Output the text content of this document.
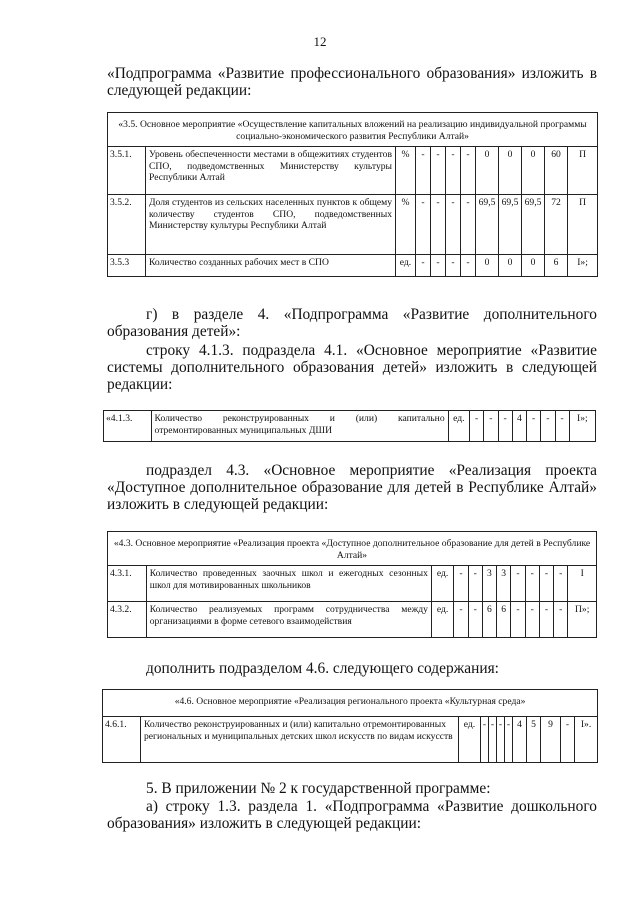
12
«Подпрограмма «Развитие профессионального образования» изложить в следующей редакции:
«3.5. Основное мероприятие «Осуществление капитальных вложений на реализацию индивидуальной программы социально-экономического развития Республики Алтай»											
3.5.1.	Уровень обеспеченности местами в общежитиях студентов СПО, подведомственных Министерству культуры Республики Алтай	%	-	-	-	-	0	0	0	60	П
3.5.2.	Доля студентов из сельских населенных пунктов к общему количеству студентов СПО, подведомственных Министерству культуры Республики Алтай	%	-	-	-	-	69,5	69,5	69,5	72	П
3.5.3	Количество созданных рабочих мест в СПО	ед.	-	-	-	-	0	0	0	6	I»;
г) в разделе 4. «Подпрограмма «Развитие дополнительного образования детей»:
строку 4.1.3. подраздела 4.1. «Основное мероприятие «Развитие системы дополнительного образования детей» изложить в следующей редакции:
«4.1.3.	Количество реконструированных и (или) капитально отремонтированных муниципальных ДШИ	ед.	-	-	-	4	-	-	-	I»;
подраздел 4.3. «Основное мероприятие «Реализация проекта «Доступное дополнительное образование для детей в Республике Алтай» изложить в следующей редакции:
«4.3. Основное мероприятие «Реализация проекта «Доступное дополнительное образование для детей в Республике Алтай»											
4.3.1.	Количество проведенных заочных школ и ежегодных сезонных школ для мотивированных школьников	ед.	-	-	3	3	-	-	-	-	I
4.3.2.	Количество реализуемых программ сотрудничества между организациями в форме сетевого взаимодействия	ед.	-	-	6	6	-	-	-	-	П»;
дополнить подразделом 4.6. следующего содержания:
«4.6. Основное мероприятие «Реализация регионального проекта «Культурная среда»
4.6.1.	Количество реконструированных и (или) капитально отремонтированных региональных и муниципальных детских школ искусств по видам искусств	ед.	-	-	-	-	4	5	9	-	I».
5. В приложении № 2 к государственной программе:
а) строку 1.3. раздела 1. «Подпрограмма «Развитие дошкольного образования» изложить в следующей редакции:
